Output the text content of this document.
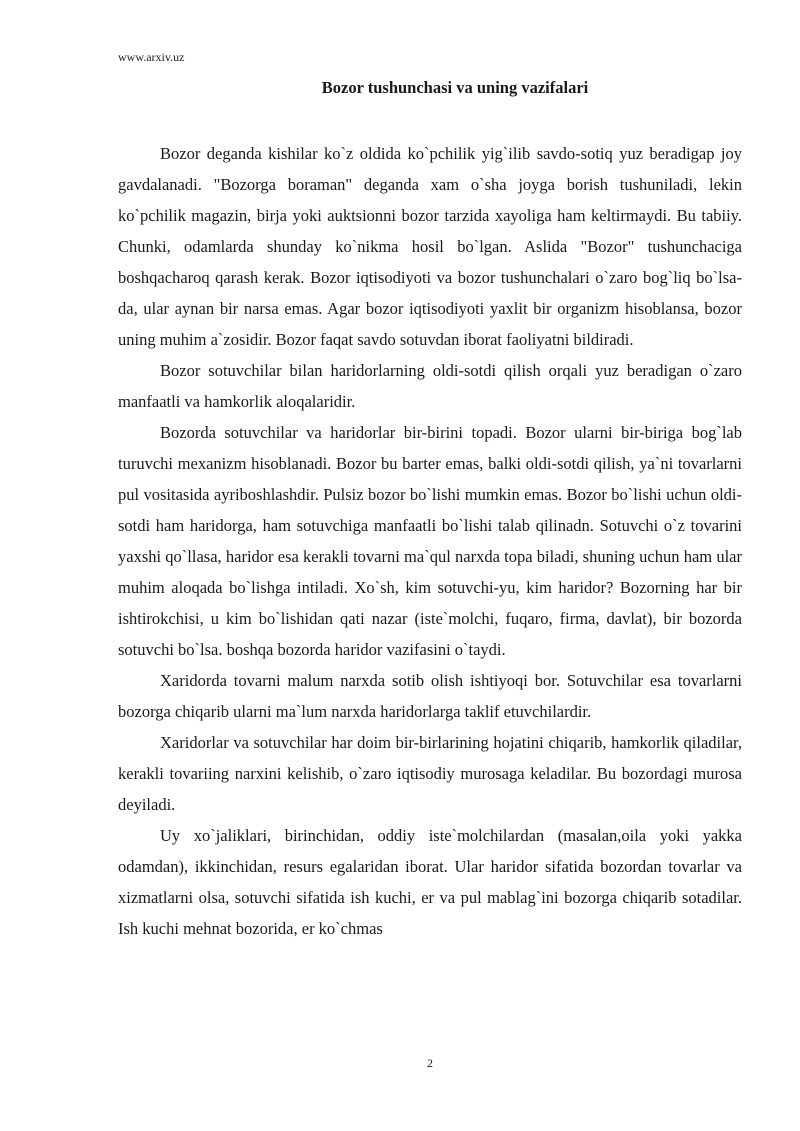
www.arxiv.uz
Bozor tushunchasi va uning vazifalari

Bozor deganda kishilar ko`z oldida ko`pchilik yig`ilib savdo-sotiq yuz beradigap joy gavdalanadi. "Bozorga boraman" deganda xam o`sha joyga borish tushuniladi, lekin ko`pchilik magazin, birja yoki auktsionni bozor tarzida xayoliga ham keltirmaydi. Bu tabiiy. Chunki, odamlarda shunday ko`nikma hosil bo`lgan. Aslida "Bozor" tushunchaciga boshqacharoq qarash kerak. Bozor iqtisodiyoti va bozor tushunchalari o`zaro bog`liq bo`lsa-da, ular aynan bir narsa emas. Agar bozor iqtisodiyoti yaxlit bir organizm hisoblansa, bozor uning muhim a`zosidir. Bozor faqat savdo sotuvdan iborat faoliyatni bildiradi.

Bozor sotuvchilar bilan haridorlarning oldi-sotdi qilish orqali yuz beradigan o`zaro manfaatli va hamkorlik aloqalaridir.

Bozorda sotuvchilar va haridorlar bir-birini topadi. Bozor ularni bir-biriga bog`lab turuvchi mexanizm hisoblanadi. Bozor bu barter emas, balki oldi-sotdi qilish, ya`ni tovarlarni pul vositasida ayriboshlashdir. Pulsiz bozor bo`lishi mumkin emas. Bozor bo`lishi uchun oldi-sotdi ham haridorga, ham sotuvchiga manfaatli bo`lishi talab qilinadn. Sotuvchi o`z tovarini yaxshi qo`llasa, haridor esa kerakli tovarni ma`qul narxda topa biladi, shuning uchun ham ular muhim aloqada bo`lishga intiladi. Xo`sh, kim sotuvchi-yu, kim haridor? Bozorning har bir ishtirokchisi, u kim bo`lishidan qati nazar (iste`molchi, fuqaro, firma, davlat), bir bozorda sotuvchi bo`lsa. boshqa bozorda haridor vazifasini o`taydi.

Xaridorda tovarni malum narxda sotib olish ishtiyoqi bor. Sotuvchilar esa tovarlarni bozorga chiqarib ularni ma`lum narxda haridorlarga taklif etuvchilardir.

Xaridorlar va sotuvchilar har doim bir-birlarining hojatini chiqarib, hamkorlik qiladilar, kerakli tovariing narxini kelishib, o`zaro iqtisodiy murosaga keladilar. Bu bozordagi murosa deyiladi.

Uy xo`jaliklari, birinchidan, oddiy iste`molchilardan (masalan,oila yoki yakka odamdan), ikkinchidan, resurs egalaridan iborat. Ular haridor sifatida bozordan tovarlar va xizmatlarni olsa, sotuvchi sifatida ish kuchi, er va pul mablag`ini bozorga chiqarib sotadilar. Ish kuchi mehnat bozorida, er ko`chmas

2
